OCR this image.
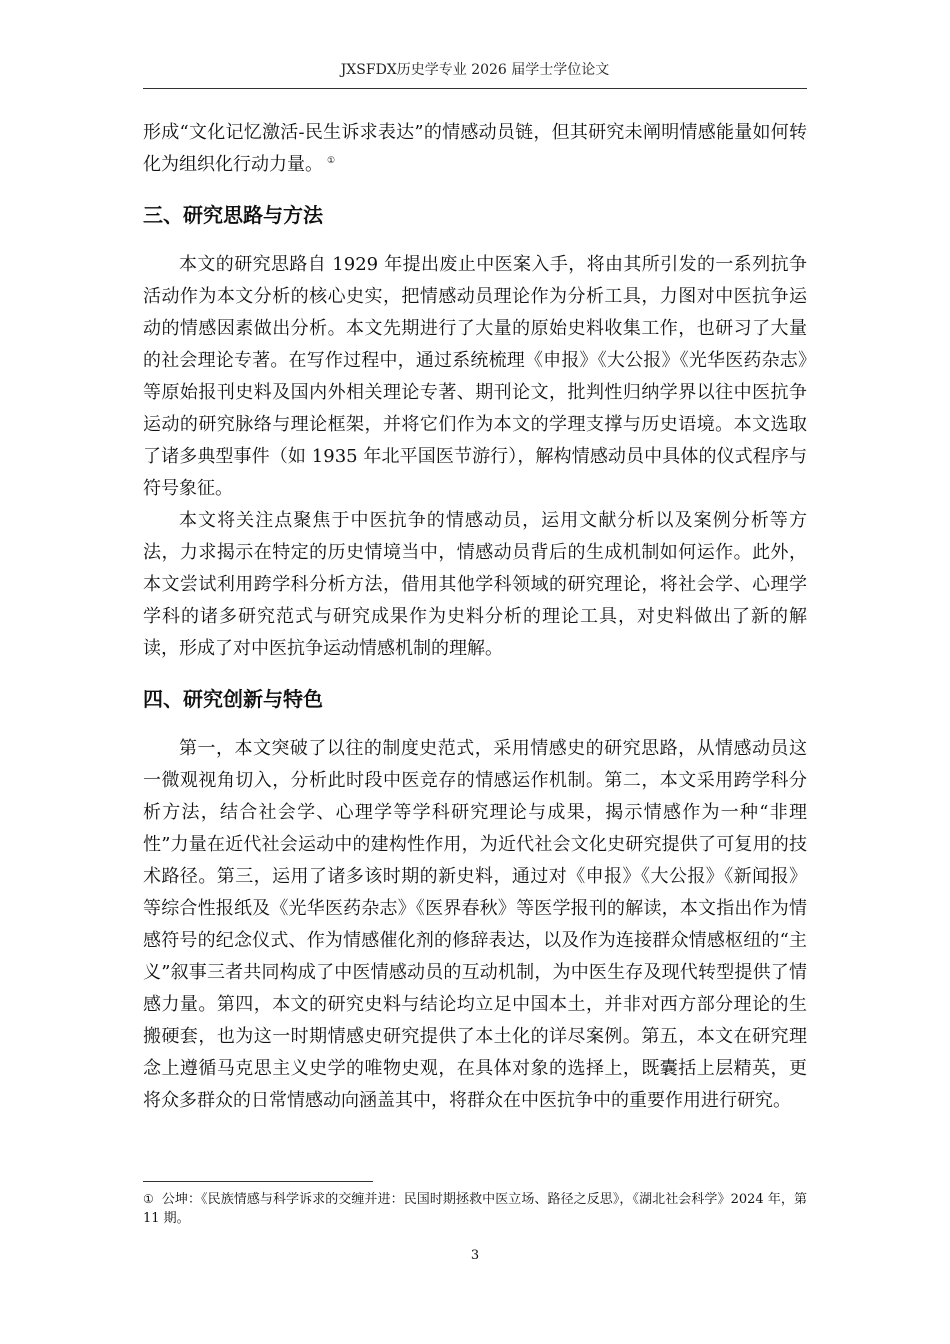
JXSFDX历史学专业 2026 届学士学位论文

形成“文化记忆激活-民生诉求表达”的情感动员链，但其研究未阐明情感能量如何转化为组织化行动力量。 ①

三、研究思路与方法

本文的研究思路自 1929 年提出废止中医案入手，将由其所引发的一系列抗争活动作为本文分析的核心史实，把情感动员理论作为分析工具，力图对中医抗争运动的情感因素做出分析。本文先期进行了大量的原始史料收集工作，也研习了大量的社会理论专著。在写作过程中，通过系统梳理《申报》《大公报》《光华医药杂志》等原始报刊史料及国内外相关理论专著、期刊论文，批判性归纳学界以往中医抗争运动的研究脉络与理论框架，并将它们作为本文的学理支撑与历史语境。本文选取了诸多典型事件（如 1935 年北平国医节游行），解构情感动员中具体的仪式程序与符号象征。

本文将关注点聚焦于中医抗争的情感动员，运用文献分析以及案例分析等方法，力求揭示在特定的历史情境当中，情感动员背后的生成机制如何运作。此外，本文尝试利用跨学科分析方法，借用其他学科领域的研究理论，将社会学、心理学学科的诸多研究范式与研究成果作为史料分析的理论工具，对史料做出了新的解读，形成了对中医抗争运动情感机制的理解。

四、研究创新与特色

第一，本文突破了以往的制度史范式，采用情感史的研究思路，从情感动员这一微观视角切入，分析此时段中医竞存的情感运作机制。第二，本文采用跨学科分析方法，结合社会学、心理学等学科研究理论与成果，揭示情感作为一种“非理性”力量在近代社会运动中的建构性作用，为近代社会文化史研究提供了可复用的技术路径。第三，运用了诸多该时期的新史料，通过对《申报》《大公报》《新闻报》等综合性报纸及《光华医药杂志》《医界春秋》等医学报刊的解读，本文指出作为情感符号的纪念仪式、作为情感催化剂的修辞表达，以及作为连接群众情感枢纽的“主义”叙事三者共同构成了中医情感动员的互动机制，为中医生存及现代转型提供了情感力量。第四，本文的研究史料与结论均立足中国本土，并非对西方部分理论的生搬硬套，也为这一时期情感史研究提供了本土化的详尽案例。第五，本文在研究理念上遵循马克思主义史学的唯物史观，在具体对象的选择上，既囊括上层精英，更将众多群众的日常情感动向涵盖其中，将群众在中医抗争中的重要作用进行研究。

① 公坤：《民族情感与科学诉求的交缠并进：民国时期拯救中医立场、路径之反思》，《湖北社会科学》2024 年，第 11 期。
3
